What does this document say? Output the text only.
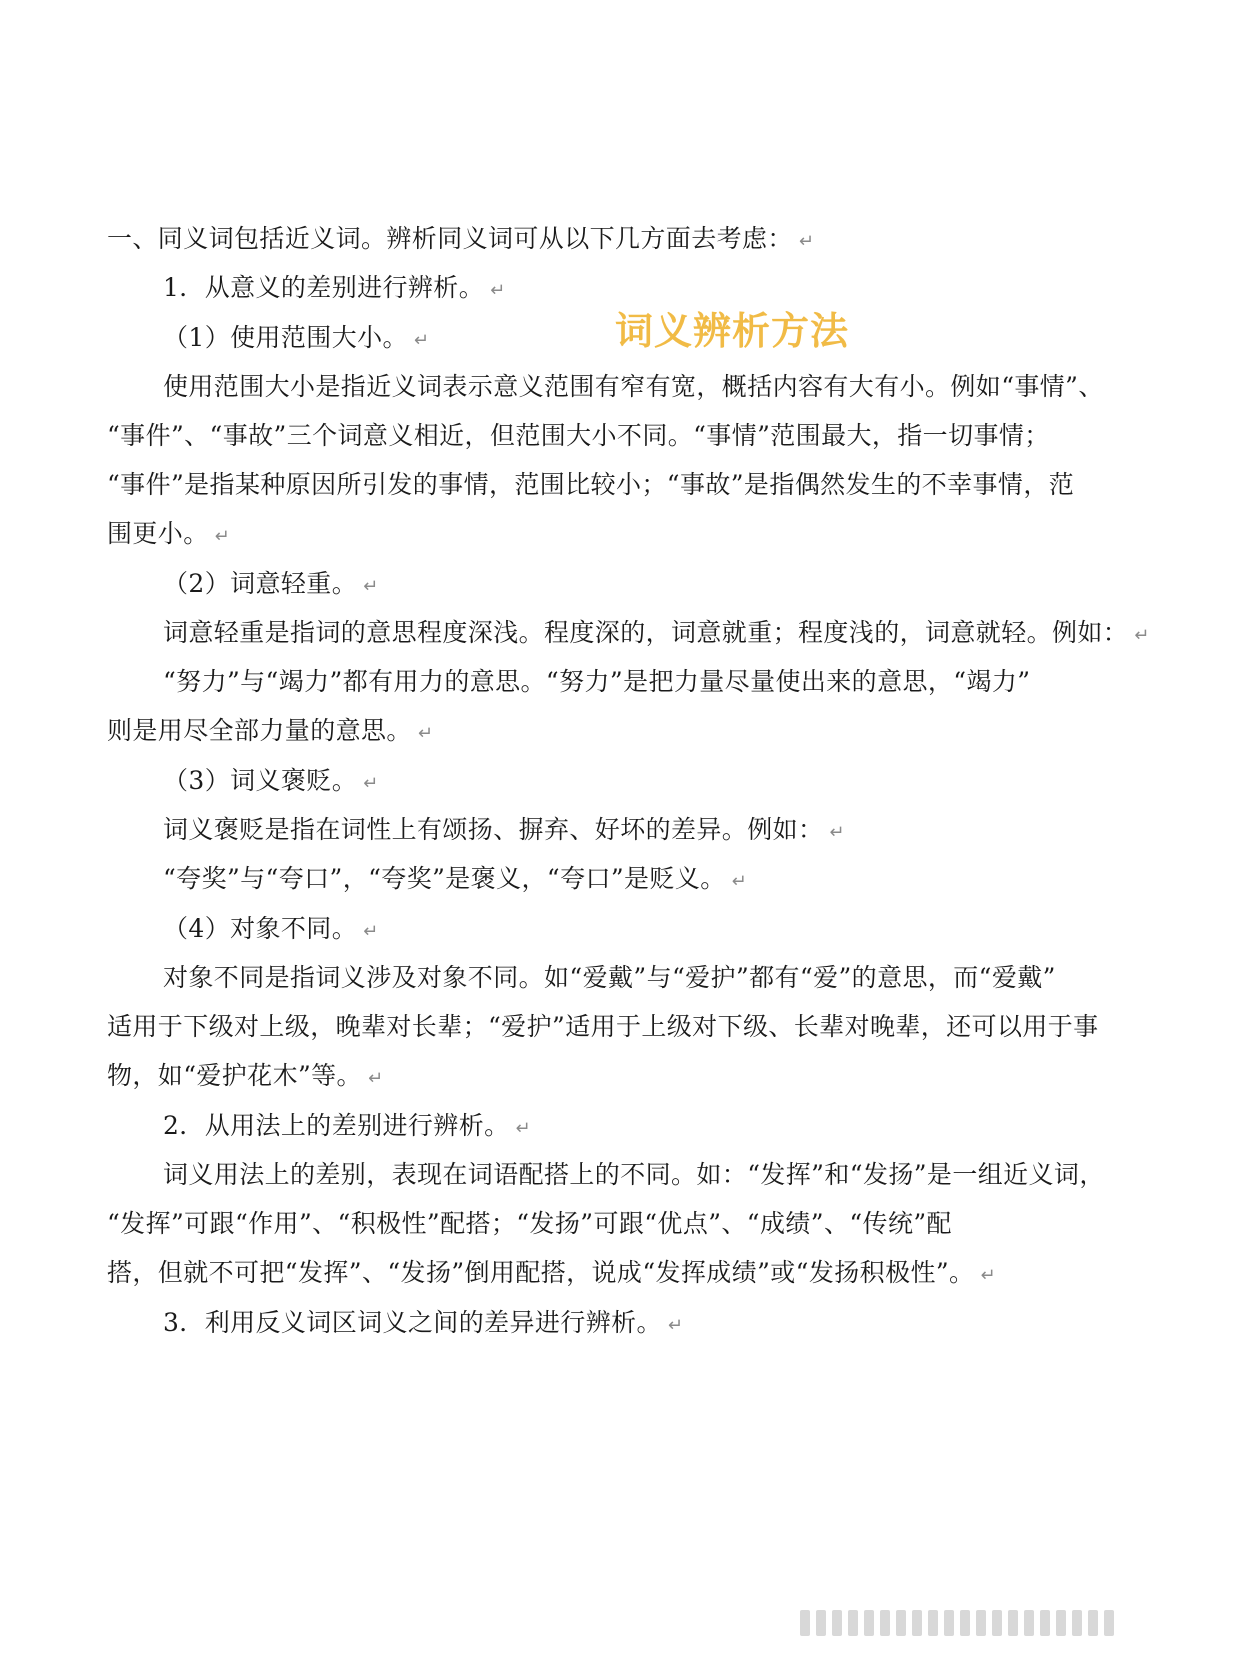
词义辨析方法
一、同义词包括近义词。辨析同义词可从以下几方面去考虑： ↵
1．从意义的差别进行辨析。 ↵
（1）使用范围大小。 ↵
使用范围大小是指近义词表示意义范围有窄有宽，概括内容有大有小。例如“事情”、
“事件”、“事故”三个词意义相近，但范围大小不同。“事情”范围最大，指一切事情；
“事件”是指某种原因所引发的事情，范围比较小；“事故”是指偶然发生的不幸事情，范
围更小。 ↵
（2）词意轻重。 ↵
词意轻重是指词的意思程度深浅。程度深的，词意就重；程度浅的，词意就轻。例如： ↵
“努力”与“竭力”都有用力的意思。“努力”是把力量尽量使出来的意思，“竭力”
则是用尽全部力量的意思。 ↵
（3）词义褒贬。 ↵
词义褒贬是指在词性上有颂扬、摒弃、好坏的差异。例如： ↵
“夸奖”与“夸口”，“夸奖”是褒义，“夸口”是贬义。 ↵
（4）对象不同。 ↵
对象不同是指词义涉及对象不同。如“爱戴”与“爱护”都有“爱”的意思，而“爱戴”
适用于下级对上级，晚辈对长辈；“爱护”适用于上级对下级、长辈对晚辈，还可以用于事
物，如“爱护花木”等。 ↵
2．从用法上的差别进行辨析。 ↵
词义用法上的差别，表现在词语配搭上的不同。如：“发挥”和“发扬”是一组近义词，
“发挥”可跟“作用”、“积极性”配搭；“发扬”可跟“优点”、“成绩”、“传统”配
搭，但就不可把“发挥”、“发扬”倒用配搭，说成“发挥成绩”或“发扬积极性”。 ↵
3．利用反义词区词义之间的差异进行辨析。 ↵
